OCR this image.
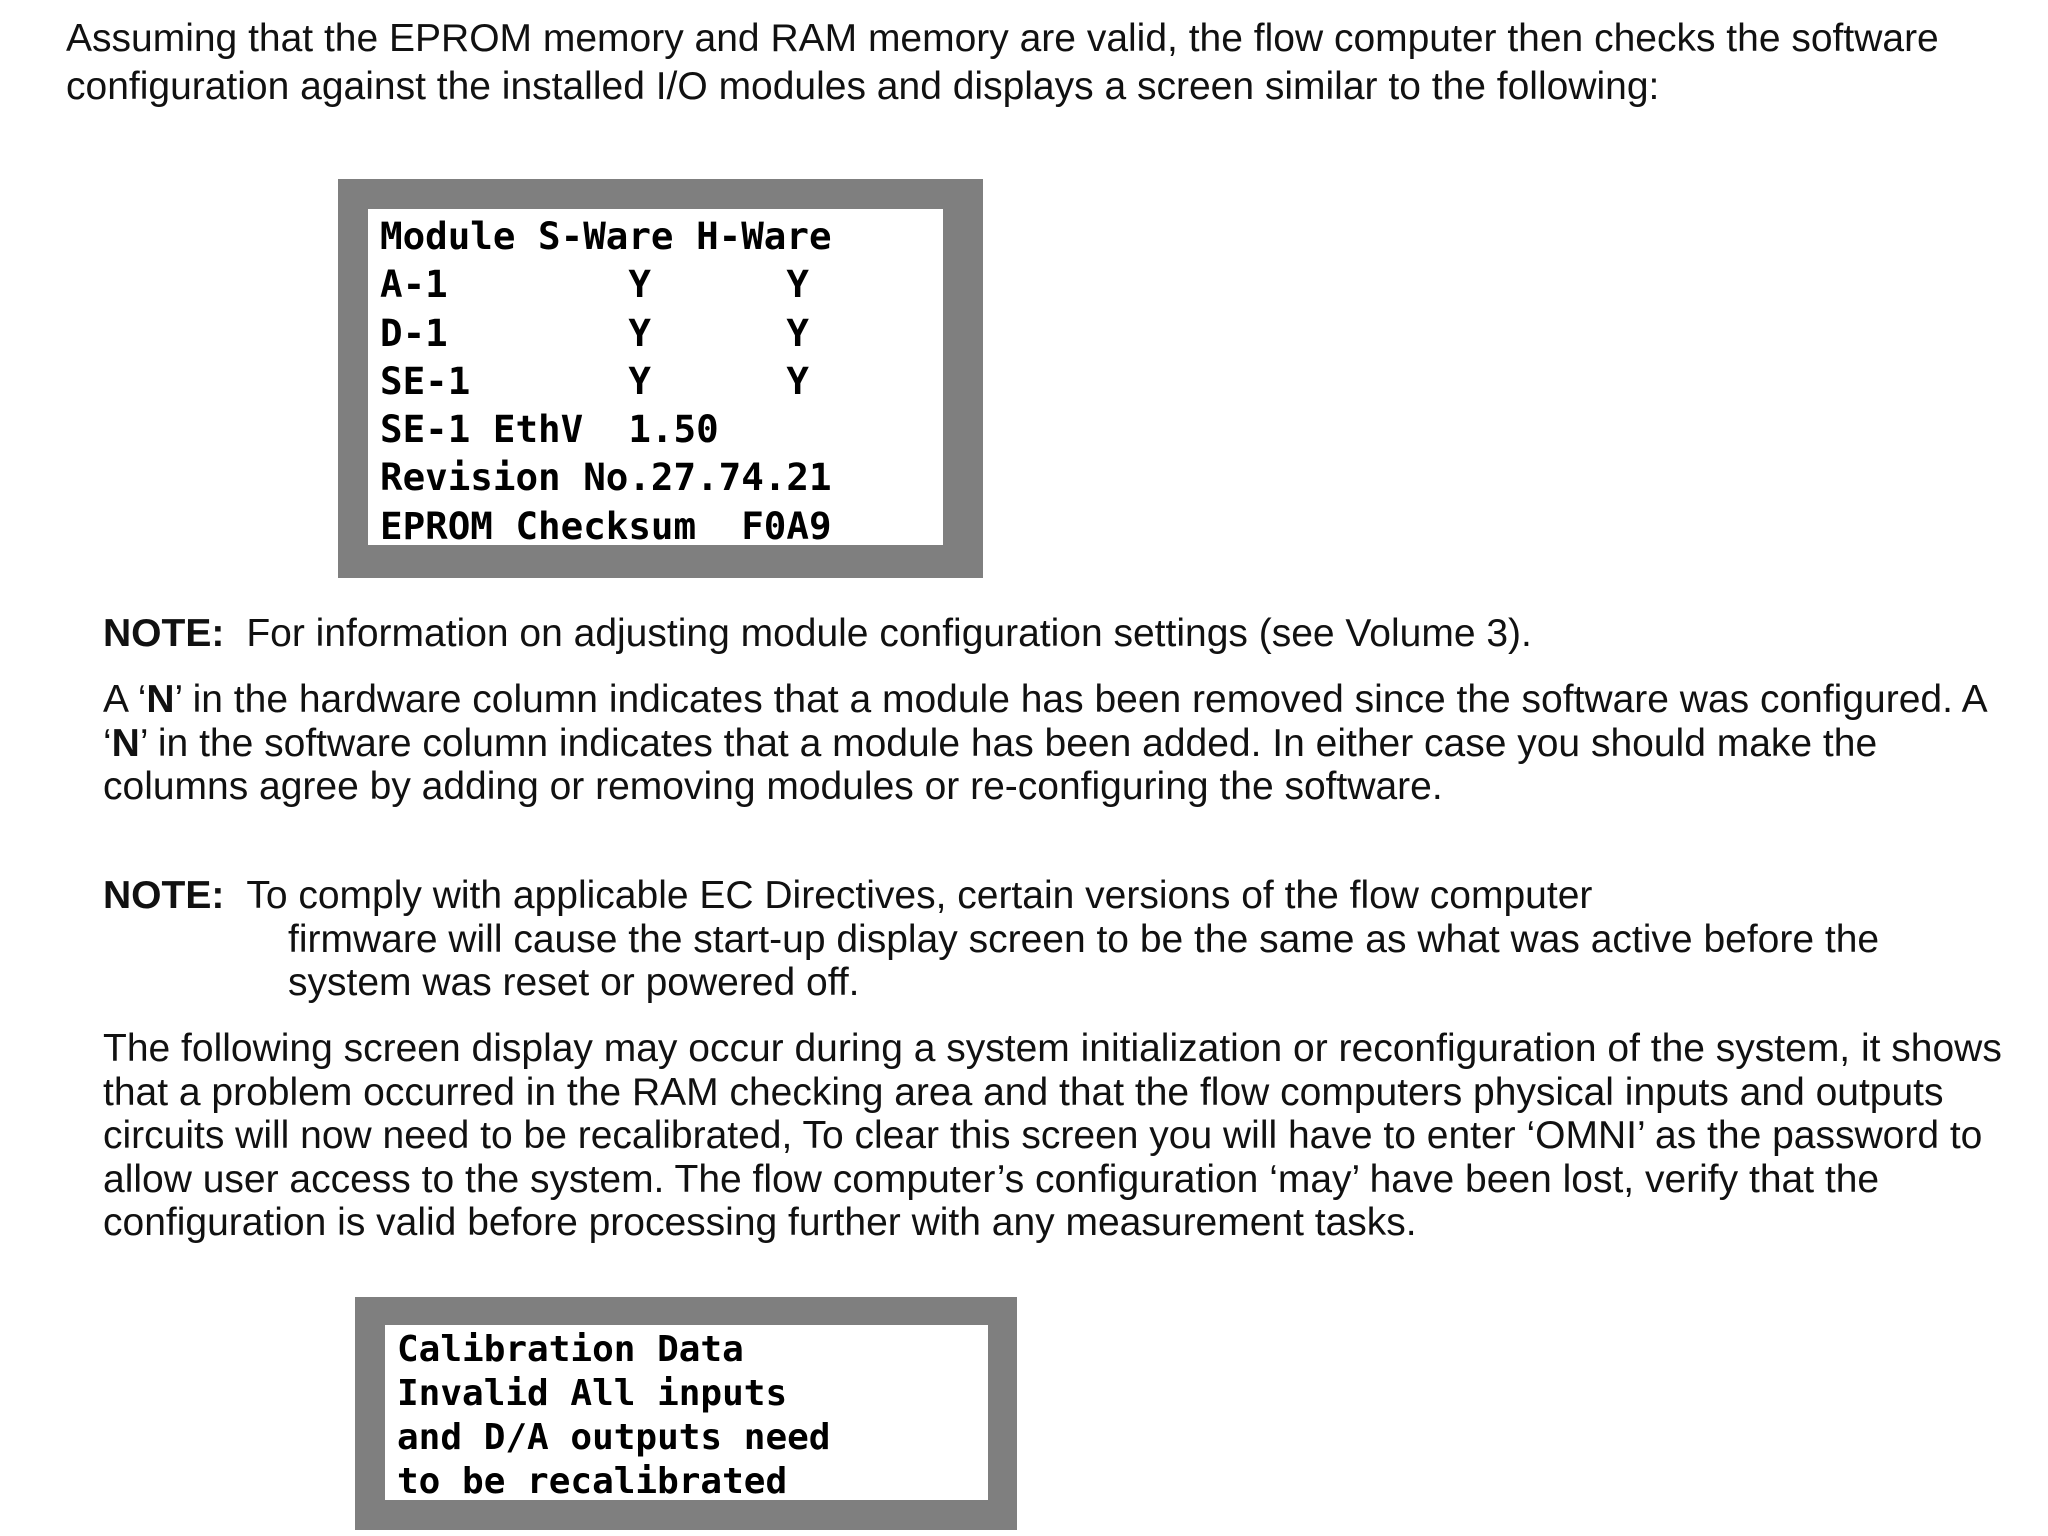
Assuming that the EPROM memory and RAM memory are valid, the flow computer then checks the software configuration against the installed I/O modules and displays a screen similar to the following:

Module S-Ware H-Ware
A-1        Y      Y
D-1        Y      Y
SE-1       Y      Y
SE-1 EthV  1.50
Revision No.27.74.21
EPROM Checksum  F0A9

NOTE: For information on adjusting module configuration settings (see Volume 3).

A ‘N’ in the hardware column indicates that a module has been removed since the software was configured. A ‘N’ in the software column indicates that a module has been added. In either case you should make the columns agree by adding or removing modules or re-configuring the software.

NOTE: To comply with applicable EC Directives, certain versions of the flow computer

firmware will cause the start-up display screen to be the same as what was active before the system was reset or powered off.

The following screen display may occur during a system initialization or reconfiguration of the system, it shows that a problem occurred in the RAM checking area and that the flow computers physical inputs and outputs circuits will now need to be recalibrated, To clear this screen you will have to enter ‘OMNI’ as the password to allow user access to the system. The flow computer’s configuration ‘may’ have been lost, verify that the configuration is valid before processing further with any measurement tasks.

Calibration Data
Invalid All inputs
and D/A outputs need
to be recalibrated
